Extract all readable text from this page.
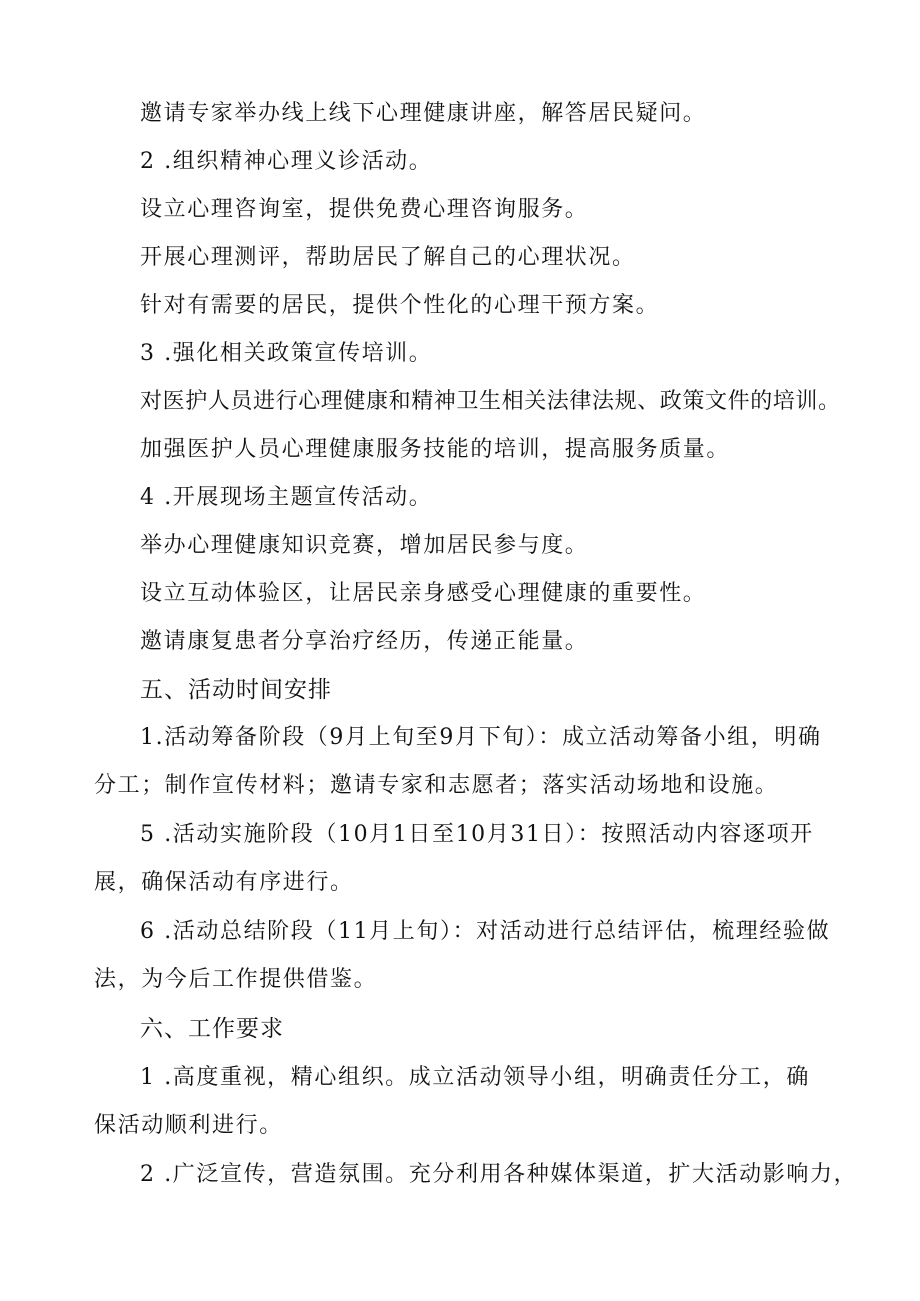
邀请专家举办线上线下心理健康讲座，解答居民疑问。
2 .组织精神心理义诊活动。
设立心理咨询室，提供免费心理咨询服务。
开展心理测评，帮助居民了解自己的心理状况。
针对有需要的居民，提供个性化的心理干预方案。
3 .强化相关政策宣传培训。
对医护人员进行心理健康和精神卫生相关法律法规、政策文件的培训。
加强医护人员心理健康服务技能的培训，提高服务质量。
4 .开展现场主题宣传活动。
举办心理健康知识竞赛，增加居民参与度。
设立互动体验区，让居民亲身感受心理健康的重要性。
邀请康复患者分享治疗经历，传递正能量。
五、活动时间安排
1.活动筹备阶段（9月上旬至9月下旬）：成立活动筹备小组，明确
分工；制作宣传材料；邀请专家和志愿者；落实活动场地和设施。
5 .活动实施阶段（10月1日至10月31日）：按照活动内容逐项开
展，确保活动有序进行。
6 .活动总结阶段（11月上旬）：对活动进行总结评估，梳理经验做
法，为今后工作提供借鉴。
六、工作要求
1 .高度重视，精心组织。成立活动领导小组，明确责任分工，确
保活动顺利进行。
2 .广泛宣传，营造氛围。充分利用各种媒体渠道，扩大活动影响力，
